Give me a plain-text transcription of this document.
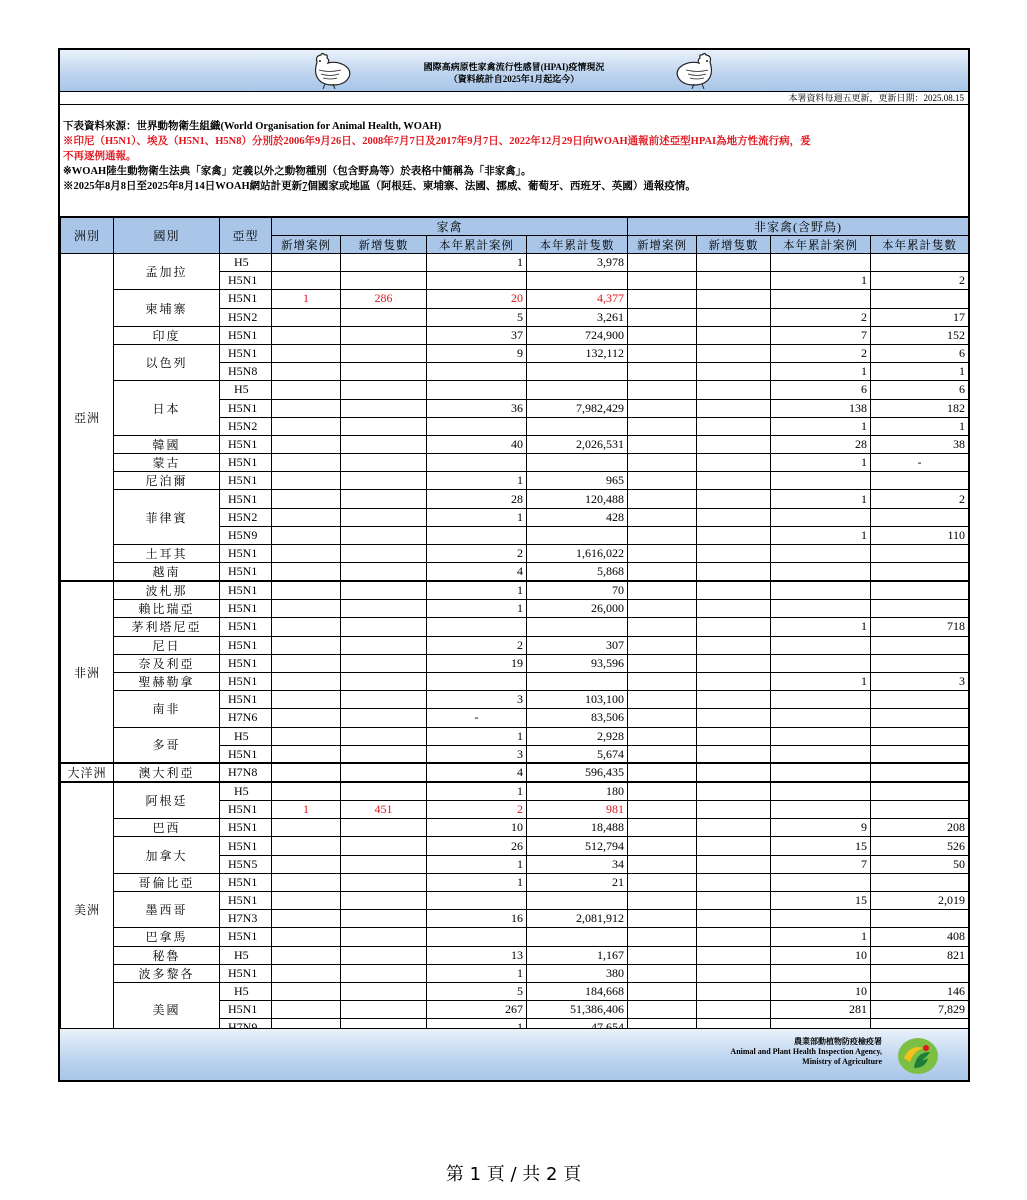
國際高病原性家禽流行性感冒(HPAI)疫情現況
（資料統計自2025年1月起迄今）
本署資料每週五更新，更新日期：2025.08.15
下表資料來源：世界動物衛生組織(World Organisation for Animal Health, WOAH)
※印尼（H5N1）、埃及（H5N1、H5N8）分別於2006年9月26日、2008年7月7日及2017年9月7日、2022年12月29日向WOAH通報前述亞型HPAI為地方性流行病，爰
不再逐例通報。
※WOAH陸生動物衛生法典「家禽」定義以外之動物種別（包含野鳥等）於表格中簡稱為「非家禽」。
※2025年8月8日至2025年8月14日WOAH網站計更新7個國家或地區（阿根廷、柬埔寨、法國、挪威、葡萄牙、西班牙、英國）通報疫情。
洲別	國別	亞型	家禽				非家禽(含野鳥)			
			新增案例	新增隻數	本年累計案例	本年累計隻數	新增案例	新增隻數	本年累計案例	本年累計隻數
亞洲	孟加拉	H5			1	3,978				
		H5N1							1	2
	柬埔寨	H5N1	1	286	20	4,377				
		H5N2			5	3,261			2	17
	印度	H5N1			37	724,900			7	152
	以色列	H5N1			9	132,112			2	6
		H5N8							1	1
	日本	H5							6	6
		H5N1			36	7,982,429			138	182
		H5N2							1	1
	韓國	H5N1			40	2,026,531			28	38
	蒙古	H5N1							1	-
	尼泊爾	H5N1			1	965				
	菲律賓	H5N1			28	120,488			1	2
		H5N2			1	428				
		H5N9							1	110
	土耳其	H5N1			2	1,616,022				
	越南	H5N1			4	5,868				
非洲	波札那	H5N1			1	70				
	賴比瑞亞	H5N1			1	26,000				
	茅利塔尼亞	H5N1							1	718
	尼日	H5N1			2	307				
	奈及利亞	H5N1			19	93,596				
	聖赫勒拿	H5N1							1	3
	南非	H5N1			3	103,100				
		H7N6			-	83,506				
	多哥	H5			1	2,928				
		H5N1			3	5,674				
大洋洲	澳大利亞	H7N8			4	596,435				
美洲	阿根廷	H5			1	180				
		H5N1	1	451	2	981				
	巴西	H5N1			10	18,488			9	208
	加拿大	H5N1			26	512,794			15	526
		H5N5			1	34			7	50
	哥倫比亞	H5N1			1	21				
	墨西哥	H5N1							15	2,019
		H7N3			16	2,081,912				
	巴拿馬	H5N1							1	408
	秘魯	H5			13	1,167			10	821
	波多黎各	H5N1			1	380				
	美國	H5			5	184,668			10	146
		H5N1			267	51,386,406			281	7,829

農業部動植物防疫檢疫署
Animal and Plant Health Inspection Agency,
Ministry of Agriculture
第 1 頁 / 共 2 頁
